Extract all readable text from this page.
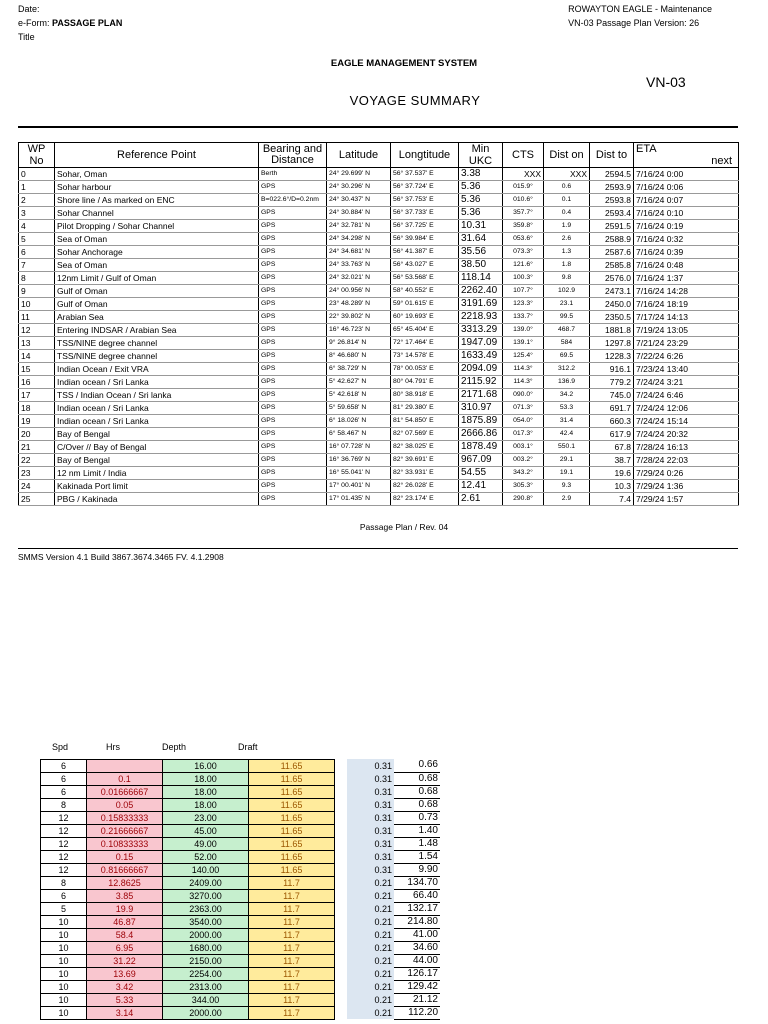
Date:
e-Form: PASSAGE PLAN
Title
ROWAYTON EAGLE - Maintenance
VN-03 Passage Plan Version: 26
EAGLE MANAGEMENT SYSTEM
VN-03
VOYAGE SUMMARY
WP No	Reference Point	Bearing and Distance	Latitude	Longtitude	Min UKC	CTS	Dist on	Dist to	ETA
next

0	Sohar, Oman	Berth	24° 29.699' N	56° 37.537' E	3.38	XXX	XXX	2594.5	7/16/24 0:00
1	Sohar harbour	GPS	24° 30.296' N	56° 37.724' E	5.36	015.9°	0.6	2593.9	7/16/24 0:06
2	Shore line / As marked on ENC	B=022.6°/D=0.2nm	24° 30.437' N	56° 37.753' E	5.36	010.6°	0.1	2593.8	7/16/24 0:07
3	Sohar Channel	GPS	24° 30.884' N	56° 37.733' E	5.36	357.7°	0.4	2593.4	7/16/24 0:10
4	Pilot Dropping / Sohar Channel	GPS	24° 32.781' N	56° 37.725' E	10.31	359.8°	1.9	2591.5	7/16/24 0:19
5	Sea of Oman	GPS	24° 34.298' N	56° 39.984' E	31.64	053.6°	2.6	2588.9	7/16/24 0:32
6	Sohar Anchorage	GPS	24° 34.681' N	56° 41.387' E	35.56	073.3°	1.3	2587.6	7/16/24 0:39
7	Sea of Oman	GPS	24° 33.763' N	56° 43.027' E	38.50	121.6°	1.8	2585.8	7/16/24 0:48
8	12nm Limit / Gulf of Oman	GPS	24° 32.021' N	56° 53.568' E	118.14	100.3°	9.8	2576.0	7/16/24 1:37
9	Gulf of Oman	GPS	24° 00.956' N	58° 40.552' E	2262.40	107.7°	102.9	2473.1	7/16/24 14:28
10	Gulf of Oman	GPS	23° 48.289' N	59° 01.615' E	3191.69	123.3°	23.1	2450.0	7/16/24 18:19
11	Arabian Sea	GPS	22° 39.802' N	60° 19.693' E	2218.93	133.7°	99.5	2350.5	7/17/24 14:13
12	Entering INDSAR / Arabian Sea	GPS	16° 46.723' N	65° 45.404' E	3313.29	139.0°	468.7	1881.8	7/19/24 13:05
13	TSS/NINE degree channel	GPS	9° 26.814' N	72° 17.464' E	1947.09	139.1°	584	1297.8	7/21/24 23:29
14	TSS/NINE degree channel	GPS	8° 46.680' N	73° 14.578' E	1633.49	125.4°	69.5	1228.3	7/22/24 6:26
15	Indian Ocean / Exit VRA	GPS	6° 38.729' N	78° 00.053' E	2094.09	114.3°	312.2	916.1	7/23/24 13:40
16	Indian ocean / Sri Lanka	GPS	5° 42.627' N	80° 04.791' E	2115.92	114.3°	136.9	779.2	7/24/24 3:21
17	TSS / Indian Ocean / Sri lanka	GPS	5° 42.618' N	80° 38.918' E	2171.68	090.0°	34.2	745.0	7/24/24 6:46
18	Indian ocean / Sri Lanka	GPS	5° 59.658' N	81° 29.380' E	310.97	071.3°	53.3	691.7	7/24/24 12:06
19	Indian ocean / Sri Lanka	GPS	6° 18.026' N	81° 54.850' E	1875.89	054.0°	31.4	660.3	7/24/24 15:14
20	Bay of Bengal	GPS	6° 58.467' N	82° 07.569' E	2666.86	017.3°	42.4	617.9	7/24/24 20:32
21	C/Over // Bay of Bengal	GPS	16° 07.728' N	82° 38.025' E	1878.49	003.1°	550.1	67.8	7/28/24 16:13
22	Bay of Bengal	GPS	16° 36.769' N	82° 39.691' E	967.09	003.2°	29.1	38.7	7/28/24 22:03
23	12 nm Limit / India	GPS	16° 55.041' N	82° 33.931' E	54.55	343.2°	19.1	19.6	7/29/24 0:26
24	Kakinada Port limit	GPS	17° 00.401' N	82° 26.028' E	12.41	305.3°	9.3	10.3	7/29/24 1:36
25	PBG / Kakinada	GPS	17° 01.435' N	82° 23.174' E	2.61	290.8°	2.9	7.4	7/29/24 1:57
Passage Plan / Rev. 04
SMMS Version 4.1 Build 3867.3674.3465 FV. 4.1.2908
Spd	Hrs	Depth	Draft
6		16.00	11.65
6	0.1	18.00	11.65
6	0.01666667	18.00	11.65
8	0.05	18.00	11.65
12	0.15833333	23.00	11.65
12	0.21666667	45.00	11.65
12	0.10833333	49.00	11.65
12	0.15	52.00	11.65
12	0.81666667	140.00	11.65
8	12.8625	2409.00	11.7
6	3.85	3270.00	11.7
5	19.9	2363.00	11.7
10	46.87	3540.00	11.7
10	58.4	2000.00	11.7
10	6.95	1680.00	11.7
10	31.22	2150.00	11.7
10	13.69	2254.00	11.7
10	3.42	2313.00	11.7
10	5.33	344.00	11.7
10	3.14	2000.00	11.7
0.31	0.66
0.31	0.68
0.31	0.68
0.31	0.68
0.31	0.73
0.31	1.40
0.31	1.48
0.31	1.54
0.31	9.90
0.21	134.70
0.21	66.40
0.21	132.17
0.21	214.80
0.21	41.00
0.21	34.60
0.21	44.00
0.21	126.17
0.21	129.42
0.21	21.12
0.21	112.20
